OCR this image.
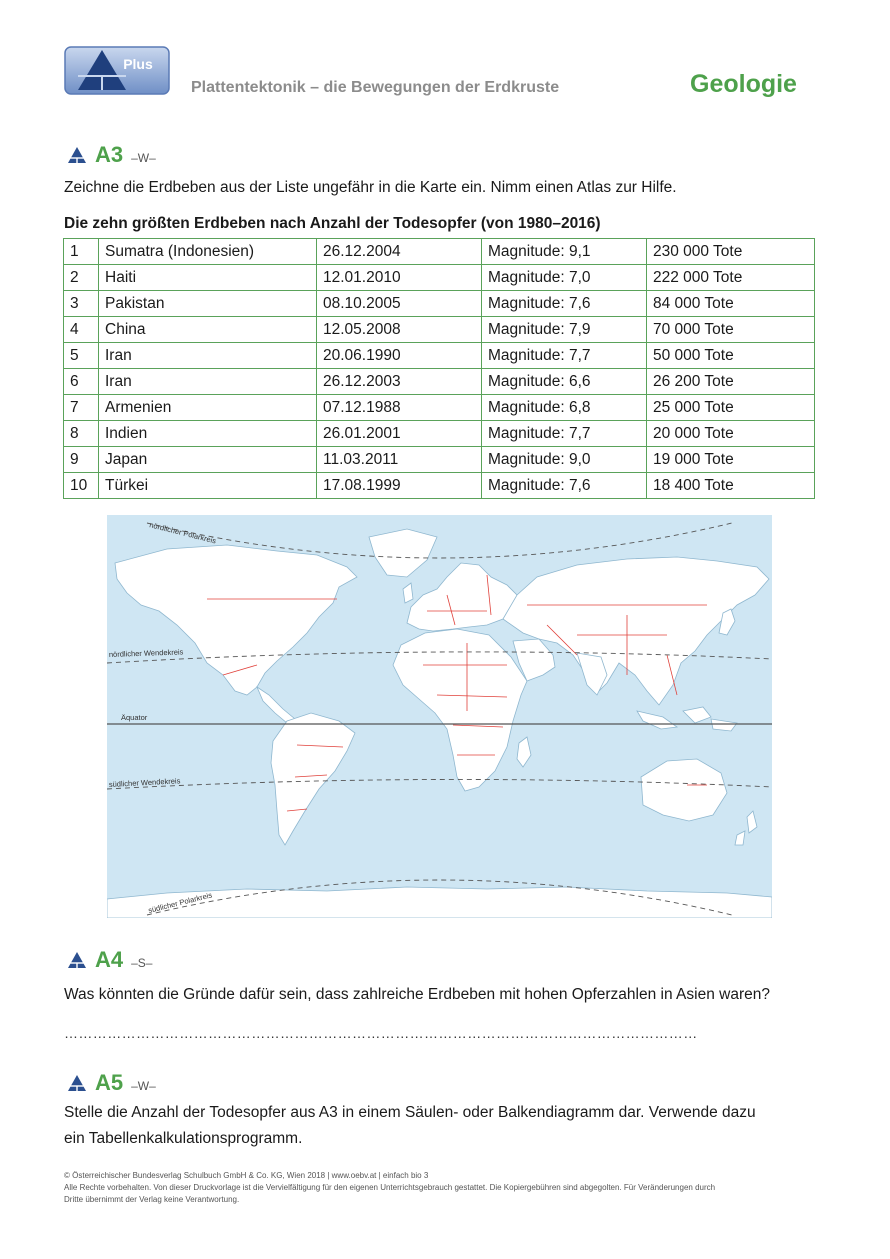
Plus
Plattentektonik – die Bewegungen der Erdkruste	Geologie
A3 –W–
Zeichne die Erdbeben aus der Liste ungefähr in die Karte ein. Nimm einen Atlas zur Hilfe.
Die zehn größten Erdbeben nach Anzahl der Todesopfer (von 1980–2016)
1	Sumatra (Indonesien)	26.12.2004	Magnitude: 9,1	230 000 Tote
2	Haiti	12.01.2010	Magnitude: 7,0	222 000 Tote
3	Pakistan	08.10.2005	Magnitude: 7,6	84 000 Tote
4	China	12.05.2008	Magnitude: 7,9	70 000 Tote
5	Iran	20.06.1990	Magnitude: 7,7	50 000 Tote
6	Iran	26.12.2003	Magnitude: 6,6	26 200 Tote
7	Armenien	07.12.1988	Magnitude: 6,8	25 000 Tote
8	Indien	26.01.2001	Magnitude: 7,7	20 000 Tote
9	Japan	11.03.2011	Magnitude: 9,0	19 000 Tote
10	Türkei	17.08.1999	Magnitude: 7,6	18 400 Tote
nördlicher Polarkreis
nördlicher Wendekreis
Äquator
südlicher Wendekreis
südlicher Polarkreis
A4 –S–
Was könnten die Gründe dafür sein, dass zahlreiche Erdbeben mit hohen Opferzahlen in Asien waren?
……………………………………………………………………………………………………………………
A5 –W–
Stelle die Anzahl der Todesopfer aus A3 in einem Säulen- oder Balkendiagramm dar. Verwende dazu
ein Tabellenkalkulationsprogramm.
© Österreichischer Bundesverlag Schulbuch GmbH & Co. KG, Wien 2018 | www.oebv.at | einfach bio 3
Alle Rechte vorbehalten. Von dieser Druckvorlage ist die Vervielfältigung für den eigenen Unterrichtsgebrauch gestattet. Die Kopiergebühren sind abgegolten. Für Veränderungen durch
Dritte übernimmt der Verlag keine Verantwortung.
